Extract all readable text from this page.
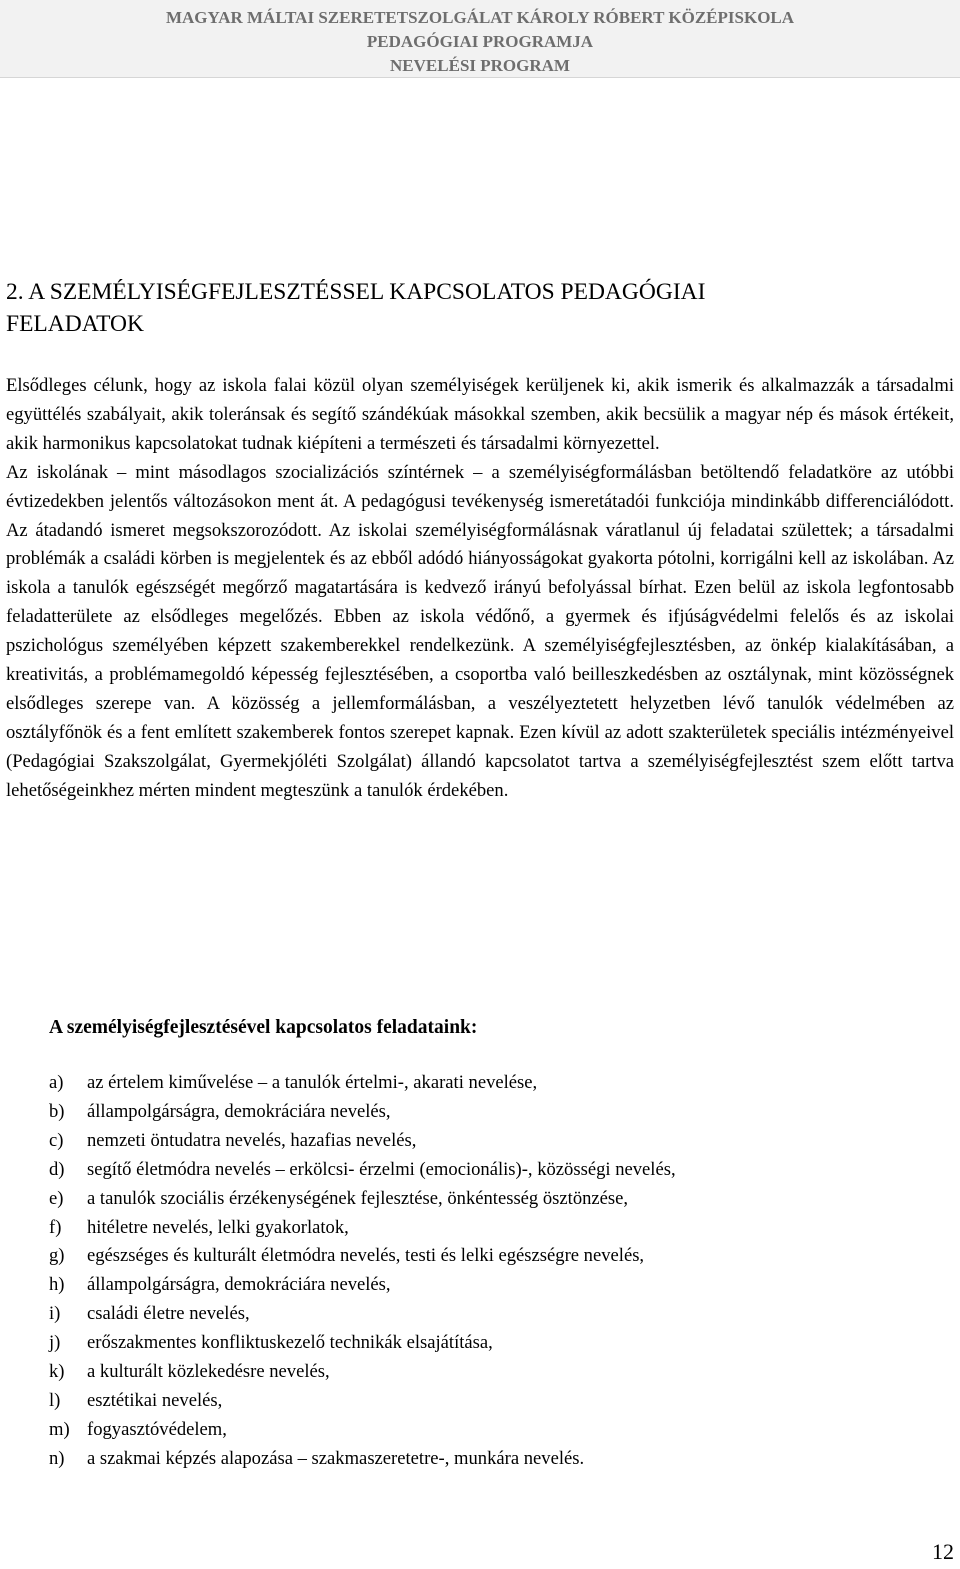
MAGYAR MÁLTAI SZERETETSZOLGÁLAT KÁROLY RÓBERT KÖZÉPISKOLA
PEDAGÓGIAI PROGRAMJA
NEVELÉSI PROGRAM
2. A SZEMÉLYISÉGFEJLESZTÉSSEL KAPCSOLATOS PEDAGÓGIAI
FELADATOK

Elsődleges célunk, hogy az iskola falai közül olyan személyiségek kerüljenek ki, akik ismerik és alkalmazzák a társadalmi együttélés szabályait, akik toleránsak és segítő szándékúak másokkal szemben, akik becsülik a magyar nép és mások értékeit, akik harmonikus kapcsolatokat tudnak kiépíteni a természeti és társadalmi környezettel.

Az iskolának – mint másodlagos szocializációs színtérnek – a személyiségformálásban betöltendő feladatköre az utóbbi évtizedekben jelentős változásokon ment át. A pedagógusi tevékenység ismeretátadói funkciója mindinkább differenciálódott. Az átadandó ismeret megsokszorozódott. Az iskolai személyiségformálásnak váratlanul új feladatai születtek; a társadalmi problémák a családi körben is megjelentek és az ebből adódó hiányosságokat gyakorta pótolni, korrigálni kell az iskolában. Az iskola a tanulók egészségét megőrző magatartására is kedvező irányú befolyással bírhat. Ezen belül az iskola legfontosabb feladatterülete az elsődleges megelőzés. Ebben az iskola védőnő, a gyermek és ifjúságvédelmi felelős és az iskolai pszichológus személyében képzett szakemberekkel rendelkezünk. A személyiségfejlesztésben, az önkép kialakításában, a kreativitás, a problémamegoldó képesség fejlesztésében, a csoportba való beilleszkedésben az osztálynak, mint közösségnek elsődleges szerepe van. A közösség a jellemformálásban, a veszélyeztetett helyzetben lévő tanulók védelmében az osztályfőnök és a fent említett szakemberek fontos szerepet kapnak. Ezen kívül az adott szakterületek speciális intézményeivel (Pedagógiai Szakszolgálat, Gyermekjóléti Szolgálat) állandó kapcsolatot tartva a személyiségfejlesztést szem előtt tartva lehetőségeinkhez mérten mindent megteszünk a tanulók érdekében.

A személyiségfejlesztésével kapcsolatos feladataink:
a)	az értelem kiművelése – a tanulók értelmi-, akarati nevelése,
b)	állampolgárságra, demokráciára nevelés,
c)	nemzeti öntudatra nevelés, hazafias nevelés,
d)	segítő életmódra nevelés – erkölcsi- érzelmi (emocionális)-, közösségi nevelés,
e)	a tanulók szociális érzékenységének fejlesztése, önkéntesség ösztönzése,
f)	hitéletre nevelés, lelki gyakorlatok,
g)	egészséges és kulturált életmódra nevelés, testi és lelki egészségre nevelés,
h)	állampolgárságra, demokráciára nevelés,
i)	családi életre nevelés,
j)	erőszakmentes konfliktuskezelő technikák elsajátítása,
k)	a kulturált közlekedésre nevelés,
l)	esztétikai nevelés,
m) fogyasztóvédelem,
n)	a szakmai képzés alapozása – szakmaszeretetre-, munkára nevelés.
12
